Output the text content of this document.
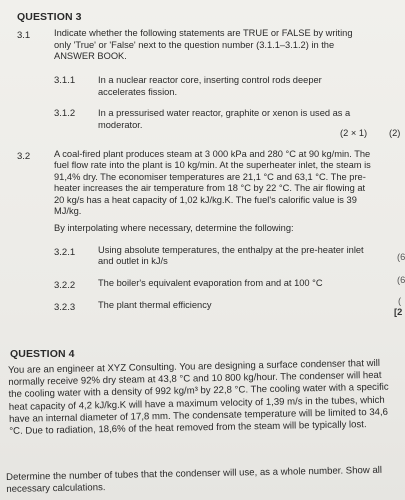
QUESTION 3
3.1	Indicate whether the following statements are TRUE or FALSE by writing only 'True' or 'False' next to the question number (3.1.1–3.1.2) in the ANSWER BOOK.
3.1.1 In a nuclear reactor core, inserting control rods deeper accelerates fission.
3.1.2 In a pressurised water reactor, graphite or xenon is used as a moderator.
(2 × 1) (2)
3.2	A coal-fired plant produces steam at 3 000 kPa and 280 °C at 90 kg/min. The fuel flow rate into the plant is 10 kg/min. At the superheater inlet, the steam is 91,4% dry. The economiser temperatures are 21,1 °C and 63,1 °C. The pre-heater increases the air temperature from 18 °C by 22 °C. The air flowing at 20 kg/s has a heat capacity of 1,02 kJ/kg.K. The fuel's calorific value is 39 MJ/kg.
By interpolating where necessary, determine the following:
3.2.1 Using absolute temperatures, the enthalpy at the pre-heater inlet and outlet in kJ/s	(6
3.2.2 The boiler's equivalent evaporation from and at 100 °C	(6
3.2.3 The plant thermal efficiency	(
[2
QUESTION 4
You are an engineer at XYZ Consulting. You are designing a surface condenser that will normally receive 92% dry steam at 43,8 °C and 10 800 kg/hour. The condenser will heat the cooling water with a density of 992 kg/m³ by 22,8 °C. The cooling water with a specific heat capacity of 4,2 kJ/kg.K will have a maximum velocity of 1,39 m/s in the tubes, which have an internal diameter of 17,8 mm. The condensate temperature will be limited to 34,6 °C. Due to radiation, 18,6% of the heat removed from the steam will be typically lost.
Determine the number of tubes that the condenser will use, as a whole number. Show all necessary calculations.
